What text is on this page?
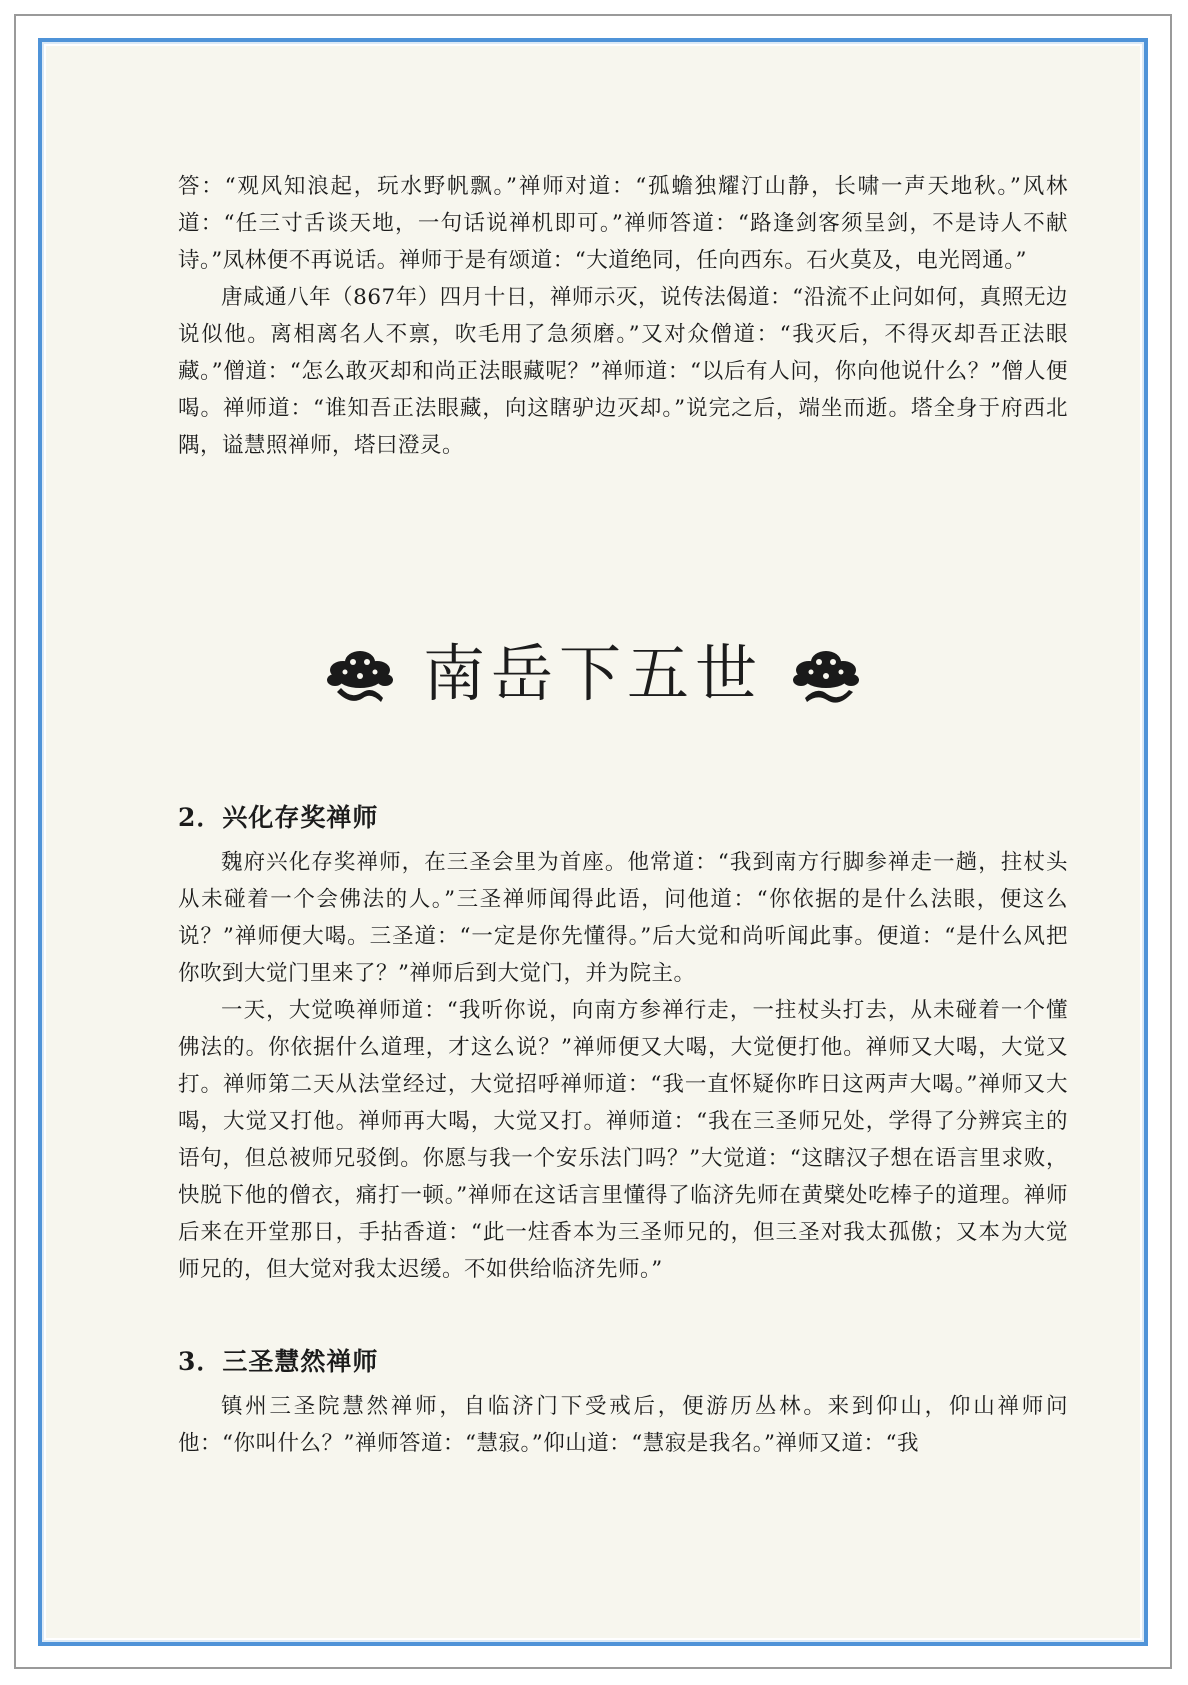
答：“观风知浪起，玩水野帆飘。”禅师对道：“孤蟾独耀汀山静，长啸一声天地秋。”风林道：“任三寸舌谈天地，一句话说禅机即可。”禅师答道：“路逢剑客须呈剑，不是诗人不献诗。”凤林便不再说话。禅师于是有颂道：“大道绝同，任向西东。石火莫及，电光罔通。”

唐咸通八年（867年）四月十日，禅师示灭，说传法偈道：“沿流不止问如何，真照无边说似他。离相离名人不禀，吹毛用了急须磨。”又对众僧道：“我灭后，不得灭却吾正法眼藏。”僧道：“怎么敢灭却和尚正法眼藏呢？”禅师道：“以后有人问，你向他说什么？”僧人便喝。禅师道：“谁知吾正法眼藏，向这瞎驴边灭却。”说完之后，端坐而逝。塔全身于府西北隅，谥慧照禅师，塔曰澄灵。

南岳下五世
2．兴化存奖禅师

魏府兴化存奖禅师，在三圣会里为首座。他常道：“我到南方行脚参禅走一趟，拄杖头从未碰着一个会佛法的人。”三圣禅师闻得此语，问他道：“你依据的是什么法眼，便这么说？”禅师便大喝。三圣道：“一定是你先懂得。”后大觉和尚听闻此事。便道：“是什么风把你吹到大觉门里来了？”禅师后到大觉门，并为院主。

一天，大觉唤禅师道：“我听你说，向南方参禅行走，一拄杖头打去，从未碰着一个懂佛法的。你依据什么道理，才这么说？”禅师便又大喝，大觉便打他。禅师又大喝，大觉又打。禅师第二天从法堂经过，大觉招呼禅师道：“我一直怀疑你昨日这两声大喝。”禅师又大喝，大觉又打他。禅师再大喝，大觉又打。禅师道：“我在三圣师兄处，学得了分辨宾主的语句，但总被师兄驳倒。你愿与我一个安乐法门吗？”大觉道：“这瞎汉子想在语言里求败，快脱下他的僧衣，痛打一顿。”禅师在这话言里懂得了临济先师在黄檗处吃棒子的道理。禅师后来在开堂那日，手拈香道：“此一炷香本为三圣师兄的，但三圣对我太孤傲；又本为大觉师兄的，但大觉对我太迟缓。不如供给临济先师。”

3．三圣慧然禅师

镇州三圣院慧然禅师，自临济门下受戒后，便游历丛林。来到仰山，仰山禅师问他：“你叫什么？”禅师答道：“慧寂。”仰山道：“慧寂是我名。”禅师又道：“我
